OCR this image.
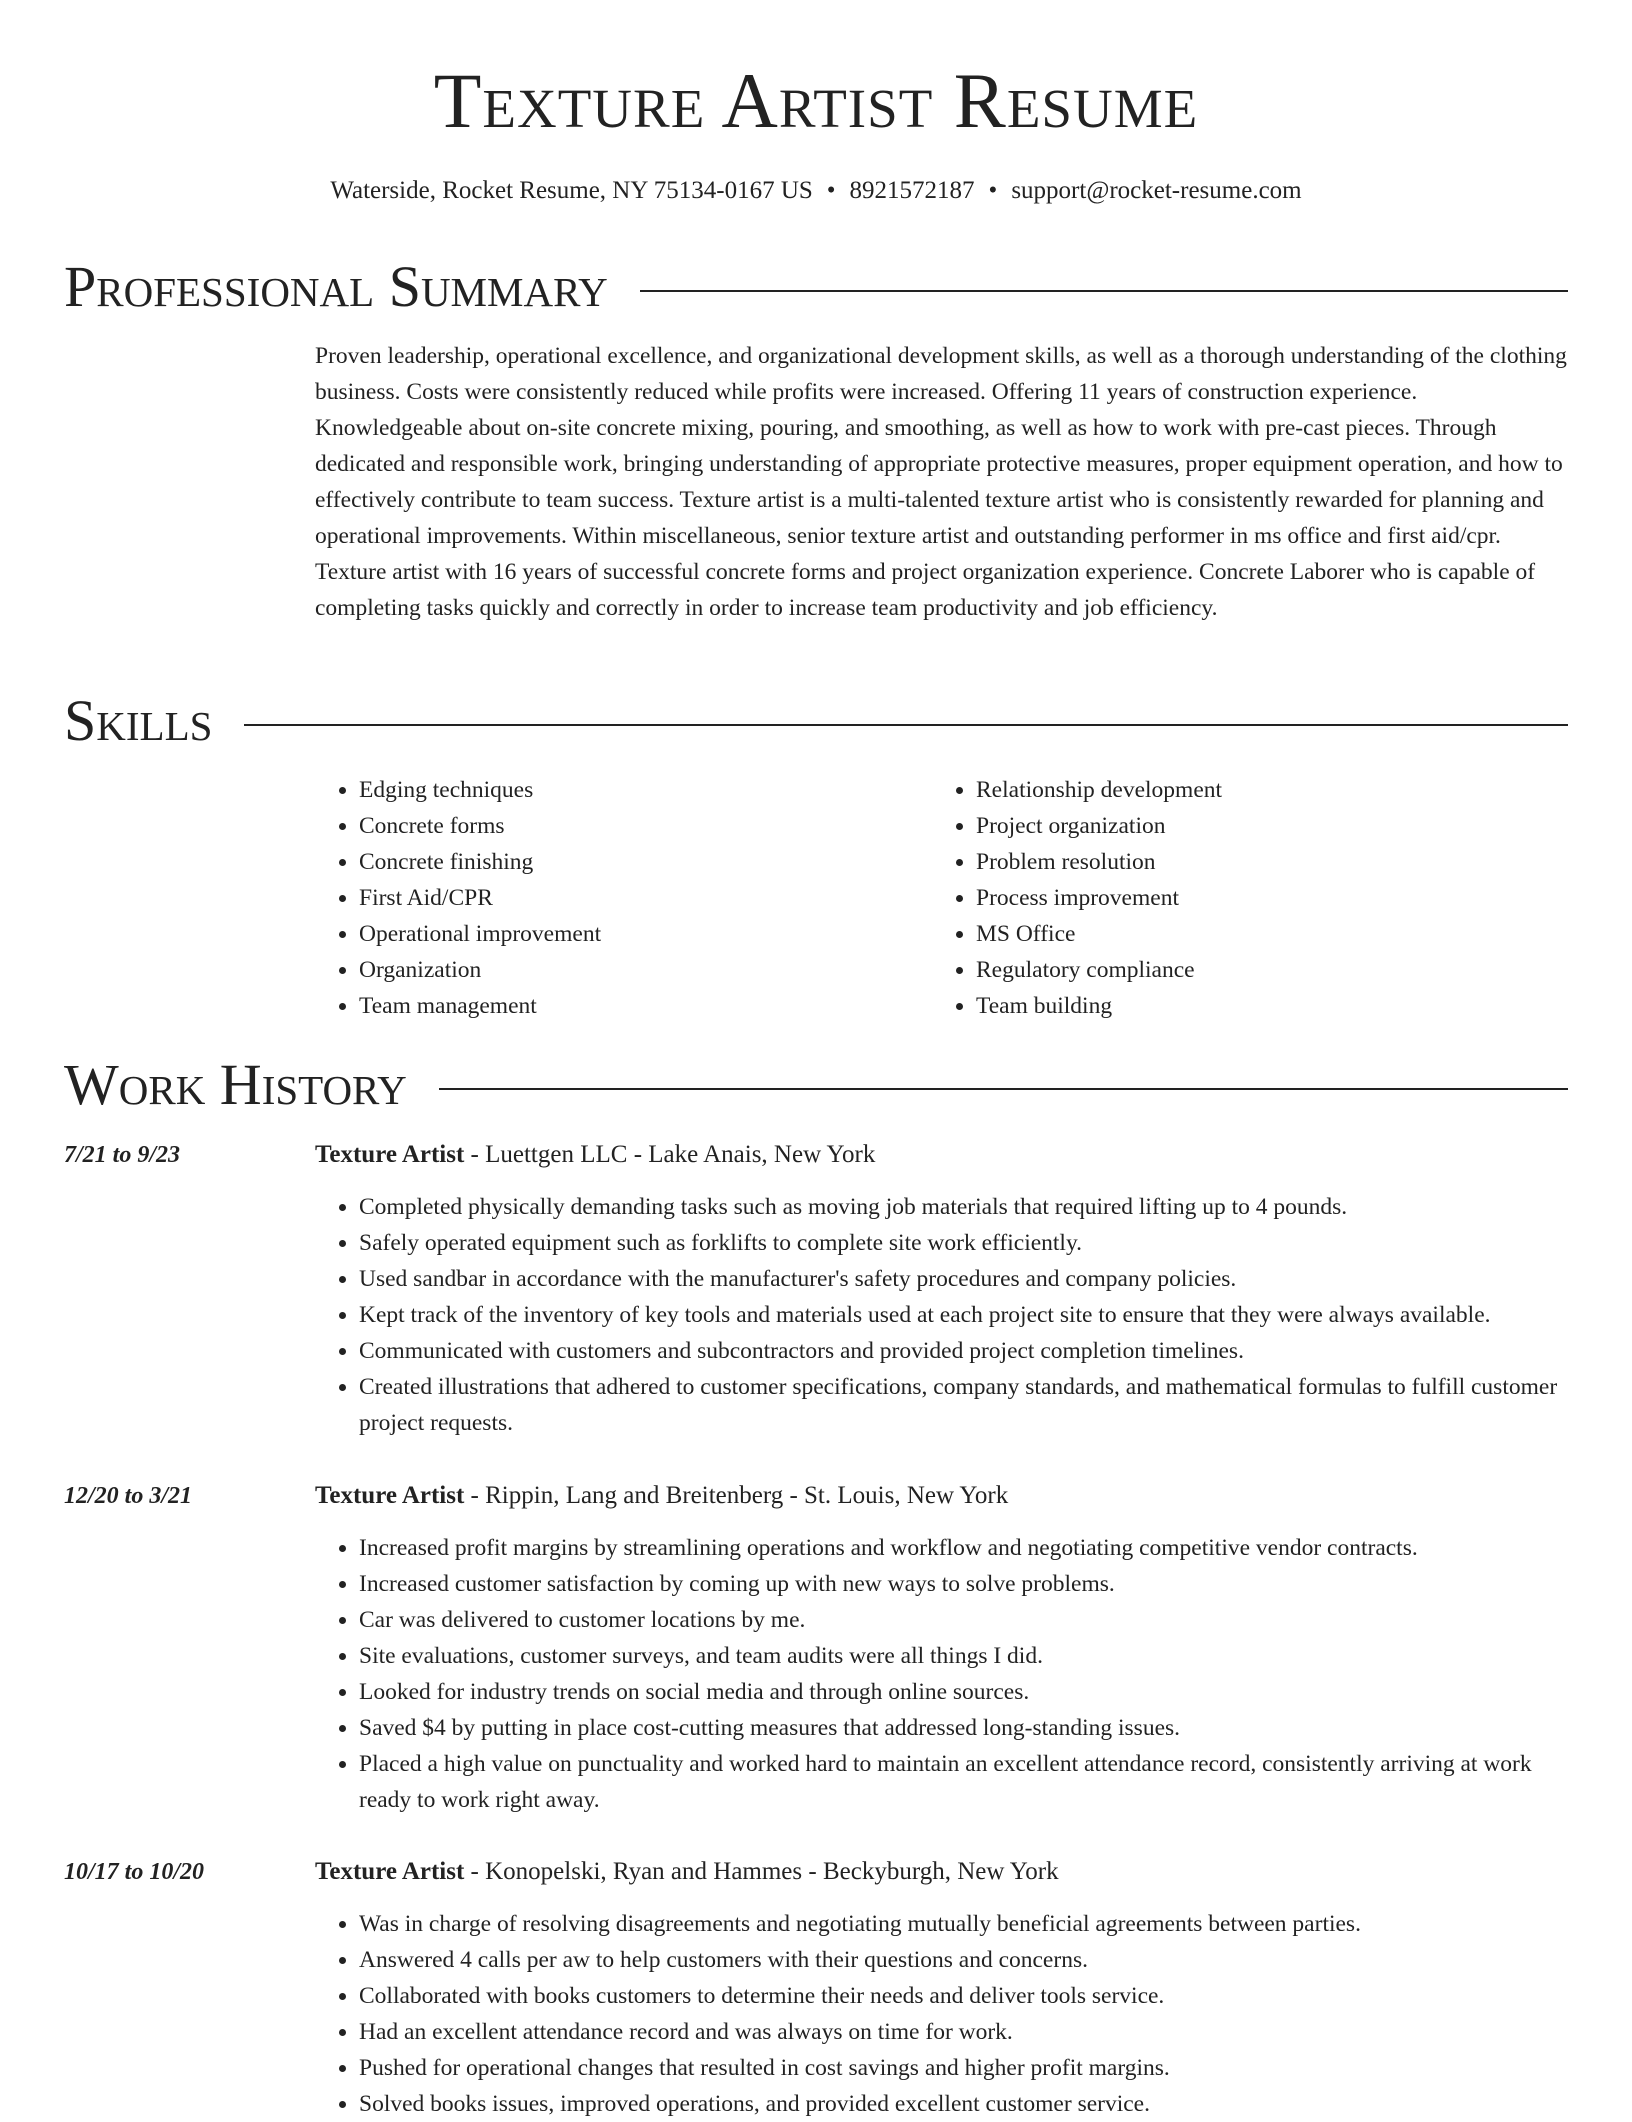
Texture Artist Resume
Waterside, Rocket Resume, NY 75134-0167 US • 8921572187 • support@rocket-resume.com
Professional Summary

Proven leadership, operational excellence, and organizational development skills, as well as a thorough understanding of the clothing business. Costs were consistently reduced while profits were increased. Offering 11 years of construction experience. Knowledgeable about on-site concrete mixing, pouring, and smoothing, as well as how to work with pre-cast pieces. Through dedicated and responsible work, bringing understanding of appropriate protective measures, proper equipment operation, and how to effectively contribute to team success. Texture artist is a multi-talented texture artist who is consistently rewarded for planning and operational improvements. Within miscellaneous, senior texture artist and outstanding performer in ms office and first aid/cpr. Texture artist with 16 years of successful concrete forms and project organization experience. Concrete Laborer who is capable of completing tasks quickly and correctly in order to increase team productivity and job efficiency.

Skills
• Edging techniques
• Concrete forms
• Concrete finishing
• First Aid/CPR
• Operational improvement
• Organization
• Team management
• Relationship development
• Project organization
• Problem resolution
• Process improvement
• MS Office
• Regulatory compliance
• Team building
Work History
7/21 to 9/23	Texture Artist - Luettgen LLC - Lake Anais, New York
• Completed physically demanding tasks such as moving job materials that required lifting up to 4 pounds.
• Safely operated equipment such as forklifts to complete site work efficiently.
• Used sandbar in accordance with the manufacturer's safety procedures and company policies.
• Kept track of the inventory of key tools and materials used at each project site to ensure that they were always available.
• Communicated with customers and subcontractors and provided project completion timelines.
• Created illustrations that adhered to customer specifications, company standards, and mathematical formulas to fulfill customer project requests.
12/20 to 3/21	Texture Artist - Rippin, Lang and Breitenberg - St. Louis, New York
• Increased profit margins by streamlining operations and workflow and negotiating competitive vendor contracts.
• Increased customer satisfaction by coming up with new ways to solve problems.
• Car was delivered to customer locations by me.
• Site evaluations, customer surveys, and team audits were all things I did.
• Looked for industry trends on social media and through online sources.
• Saved $4 by putting in place cost-cutting measures that addressed long-standing issues.
• Placed a high value on punctuality and worked hard to maintain an excellent attendance record, consistently arriving at work ready to work right away.
10/17 to 10/20	Texture Artist - Konopelski, Ryan and Hammes - Beckyburgh, New York
• Was in charge of resolving disagreements and negotiating mutually beneficial agreements between parties.
• Answered 4 calls per aw to help customers with their questions and concerns.
• Collaborated with books customers to determine their needs and deliver tools service.
• Had an excellent attendance record and was always on time for work.
• Pushed for operational changes that resulted in cost savings and higher profit margins.
• Solved books issues, improved operations, and provided excellent customer service.
